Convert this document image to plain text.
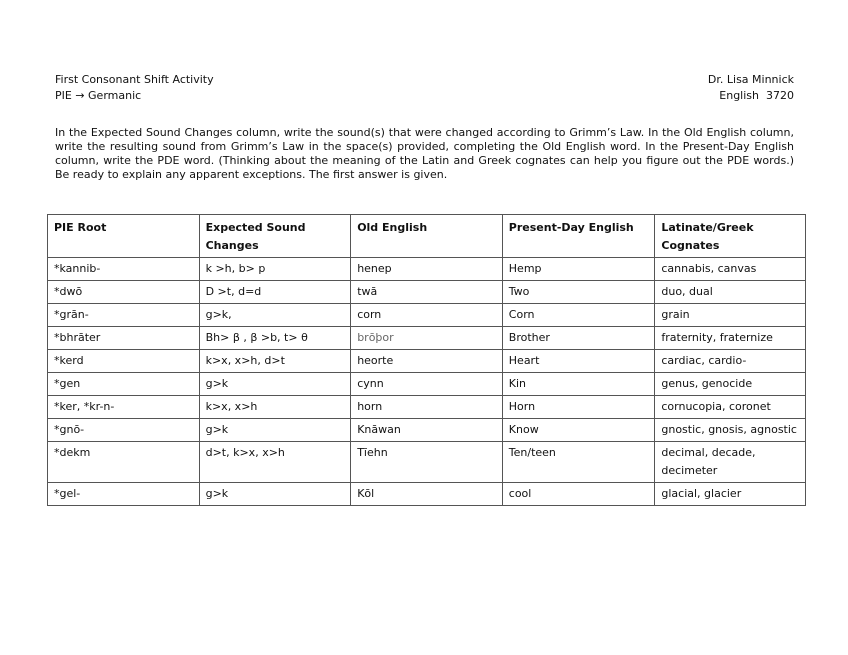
First Consonant Shift Activity
PIE → Germanic
Dr. Lisa Minnick
English  3720

In the Expected Sound Changes column, write the sound(s) that were changed according to Grimm’s Law. In the Old English column, write the resulting sound from Grimm’s Law in the space(s) provided, completing the Old English word. In the Present-Day English column, write the PDE word. (Thinking about the meaning of the Latin and Greek cognates can help you figure out the PDE words.) Be ready to explain any apparent exceptions. The first answer is given.

PIE Root	Expected Sound Changes	Old English	Present-Day English	Latinate/Greek Cognates
*kannib-	k >h, b> p	henep	Hemp	cannabis, canvas
*dwō	D >t, d=d	twā	Two	duo, dual
*grān-	g>k,	corn	Corn	grain
*bhrāter	Bh> β , β >b, t> θ	brōþor	Brother	fraternity, fraternize
*kerd	k>x, x>h, d>t	heorte	Heart	cardiac, cardio-
*gen	g>k	cynn	Kin	genus, genocide
*ker, *kr-n-	k>x, x>h	horn	Horn	cornucopia, coronet
*gnō-	g>k	Knāwan	Know	gnostic, gnosis, agnostic
*dekm	d>t, k>x, x>h	Tīehn	Ten/teen	decimal, decade, decimeter
*gel-	g>k	Kōl	cool	glacial, glacier
